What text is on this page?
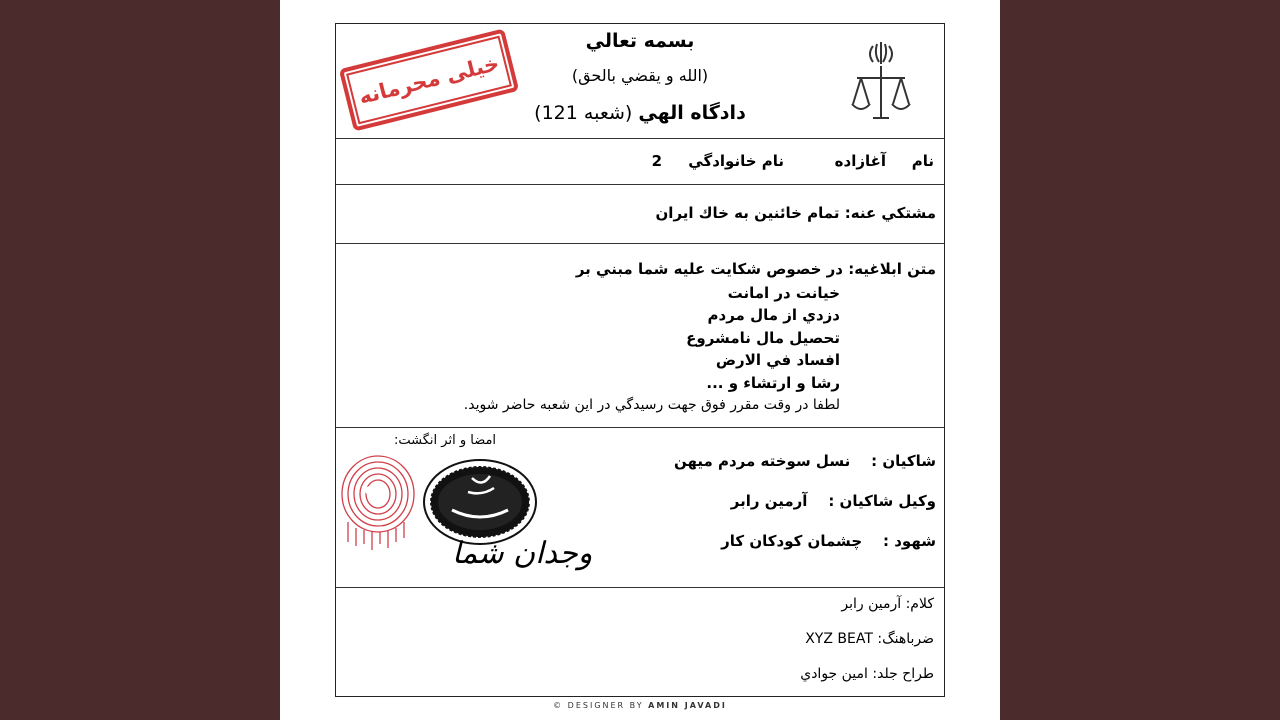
بسمه تعالي
(الله و يقضي بالحق)
دادگاه الهي (شعبه 121)
خیلی محرمانه
نام
آغازاده
نام خانوادگي
2
مشتكي عنه: تمام خائنين به خاك ايران
متن ابلاغيه: در خصوص شكايت عليه شما مبني بر
خيانت در امانت
دزدي از مال مردم
تحصيل مال نامشروع
افساد في الارض
رشا و ارتشاء و ...
لطفا در وقت مقرر فوق جهت رسيدگي در اين شعبه حاضر شويد.
امضا و اثر انگشت:
وجدان شما
شاكيان :    نسل سوخته مردم ميهن
وكيل شاكيان :    آرمين رابر
شهود :    چشمان كودكان كار
كلام: آرمين رابر
ضرباهنگ: XYZ BEAT
طراح جلد: امين جوادي
© DESIGNER BY AMIN JAVADI
